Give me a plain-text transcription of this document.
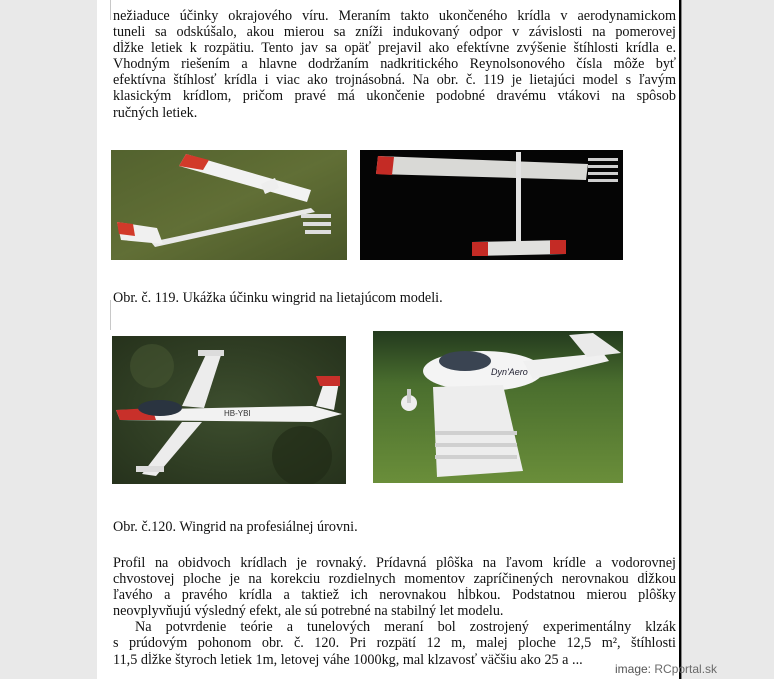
nežiaduce účinky okrajového víru. Meraním takto ukončeného krídla v aerodynamickom
tuneli sa odskúšalo, akou mierou sa zníži indukovaný odpor v závislosti na pomerovej
dĺžke letiek k rozpätiu. Tento jav sa opäť prejavil ako efektívne zvýšenie štíhlosti krídla e.
Vhodným riešením a hlavne dodržaním nadkritického Reynolsonového čísla môže byť
efektívna štíhlosť krídla i viac ako trojnásobná. Na obr. č. 119 je lietajúci model s ľavým
klasickým krídlom, pričom pravé má ukončenie podobné dravému vtákovi na spôsob
ručných letiek.
Obr. č. 119. Ukážka účinku wingrid na lietajúcom modeli.
HB-YBI
Dyn'Aero
Obr. č.120. Wingrid na profesiálnej úrovni.
Profil na obidvoch krídlach je rovnaký. Prídavná plôška na ľavom krídle a vodorovnej
chvostovej ploche je na korekciu rozdielnych momentov zapríčinených nerovnakou dĺžkou
ľavého a pravého krídla a taktiež ich nerovnakou hĺbkou. Podstatnou mierou plôšky
neovplyvňujú výsledný efekt, ale sú potrebné na stabilný let modelu.
Na potvrdenie teórie a tunelových meraní bol zostrojený experimentálny klzák
s prúdovým pohonom obr. č. 120. Pri rozpätí 12 m, malej ploche 12,5 m², štíhlosti
11,5 dĺžke štyroch letiek 1m, letovej váhe 1000kg, mal klzavosť väčšiu ako 25 a ...
image: RCportal.sk
